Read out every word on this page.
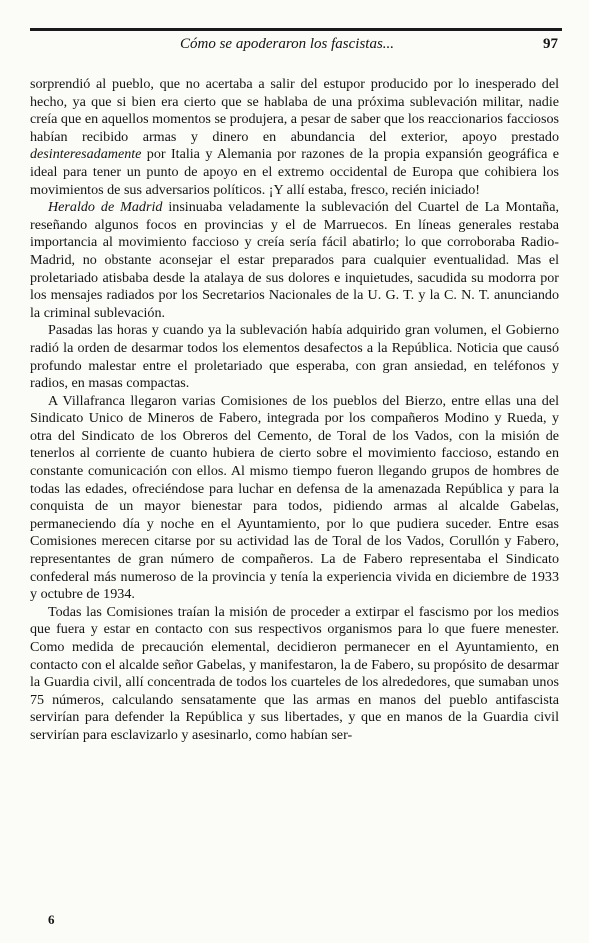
Cómo se apoderaron los fascistas...	97

sorprendió al pueblo, que no acertaba a salir del estupor producido por lo inesperado del hecho, ya que si bien era cierto que se hablaba de una próxima sublevación militar, nadie creía que en aquellos momentos se produjera, a pesar de saber que los reaccionarios facciosos habían recibido armas y dinero en abundancia del exterior, apoyo prestado desinteresadamente por Italia y Alemania por razones de la propia expansión geográfica e ideal para tener un punto de apoyo en el extremo occidental de Europa que cohibiera los movimientos de sus adversarios políticos. ¡Y allí estaba, fresco, recién iniciado!

Heraldo de Madrid insinuaba veladamente la sublevación del Cuartel de La Montaña, reseñando algunos focos en provincias y el de Marruecos. En líneas generales restaba importancia al movimiento faccioso y creía sería fácil abatirlo; lo que corroboraba Radio-Madrid, no obstante aconsejar el estar preparados para cualquier eventualidad. Mas el proletariado atisbaba desde la atalaya de sus dolores e inquietudes, sacudida su modorra por los mensajes radiados por los Secretarios Nacionales de la U. G. T. y la C. N. T. anunciando la criminal sublevación.

Pasadas las horas y cuando ya la sublevación había adquirido gran volumen, el Gobierno radió la orden de desarmar todos los elementos desafectos a la República. Noticia que causó profundo malestar entre el proletariado que esperaba, con gran ansiedad, en teléfonos y radios, en masas compactas.

A Villafranca llegaron varias Comisiones de los pueblos del Bierzo, entre ellas una del Sindicato Unico de Mineros de Fabero, integrada por los compañeros Modino y Rueda, y otra del Sindicato de los Obreros del Cemento, de Toral de los Vados, con la misión de tenerlos al corriente de cuanto hubiera de cierto sobre el movimiento faccioso, estando en constante comunicación con ellos. Al mismo tiempo fueron llegando grupos de hombres de todas las edades, ofreciéndose para luchar en defensa de la amenazada República y para la conquista de un mayor bienestar para todos, pidiendo armas al alcalde Gabelas, permaneciendo día y noche en el Ayuntamiento, por lo que pudiera suceder. Entre esas Comisiones merecen citarse por su actividad las de Toral de los Vados, Corullón y Fabero, representantes de gran número de compañeros. La de Fabero representaba el Sindicato confederal más numeroso de la provincia y tenía la experiencia vivida en diciembre de 1933 y octubre de 1934.

Todas las Comisiones traían la misión de proceder a extirpar el fascismo por los medios que fuera y estar en contacto con sus respectivos organismos para lo que fuere menester. Como medida de precaución elemental, decidieron permanecer en el Ayuntamiento, en contacto con el alcalde señor Gabelas, y manifestaron, la de Fabero, su propósito de desarmar la Guardia civil, allí concentrada de todos los cuarteles de los alrededores, que sumaban unos 75 números, calculando sensatamente que las armas en manos del pueblo antifascista servirían para defender la República y sus libertades, y que en manos de la Guardia civil servirían para esclavizarlo y asesinarlo, como habían ser-

6
